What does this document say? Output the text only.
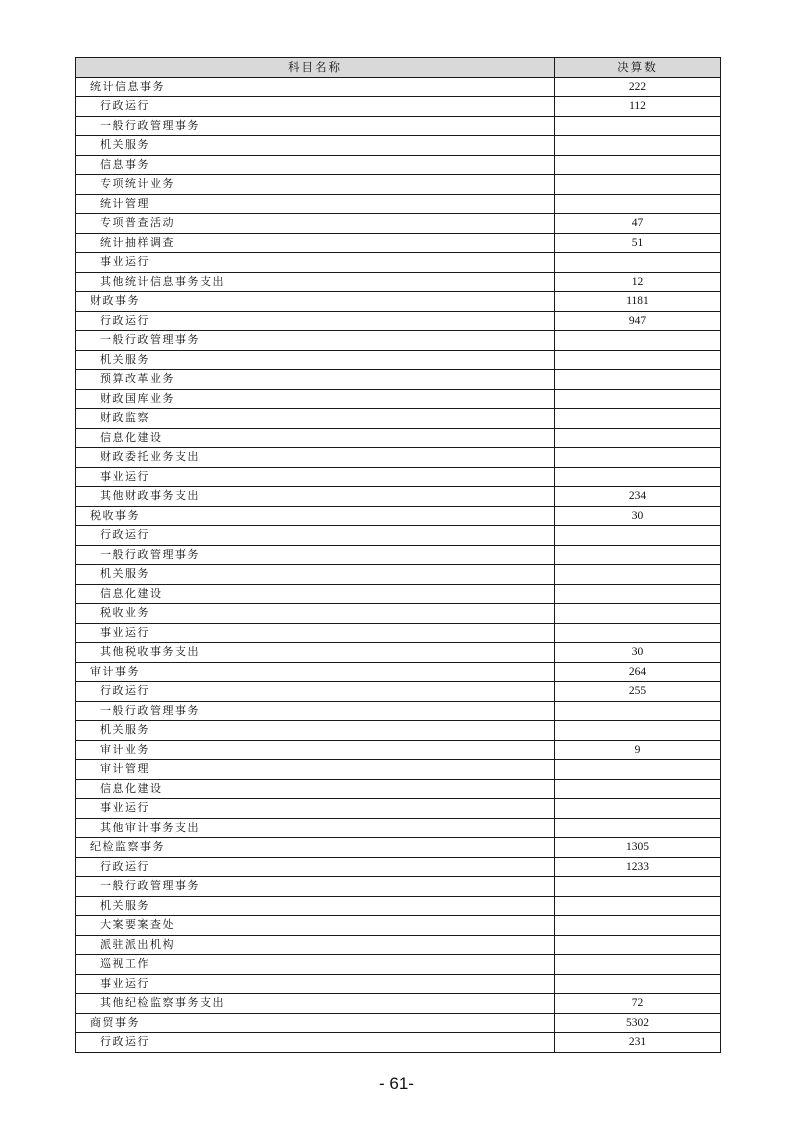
科目名称	决算数
统计信息事务	222
行政运行	112
一般行政管理事务	
机关服务	
信息事务	
专项统计业务	
统计管理	
专项普查活动	47
统计抽样调查	51
事业运行	
其他统计信息事务支出	12
财政事务	1181
行政运行	947
一般行政管理事务	
机关服务	
预算改革业务	
财政国库业务	
财政监察	
信息化建设	
财政委托业务支出	
事业运行	
其他财政事务支出	234
税收事务	30
行政运行	
一般行政管理事务	
机关服务	
信息化建设	
税收业务	
事业运行	
其他税收事务支出	30
审计事务	264
行政运行	255
一般行政管理事务	
机关服务	
审计业务	9
审计管理	
信息化建设	
事业运行	
其他审计事务支出	
纪检监察事务	1305
行政运行	1233
一般行政管理事务	
机关服务	
大案要案查处	
派驻派出机构	
巡视工作	
事业运行	
其他纪检监察事务支出	72
商贸事务	5302
行政运行	231
- 61-
